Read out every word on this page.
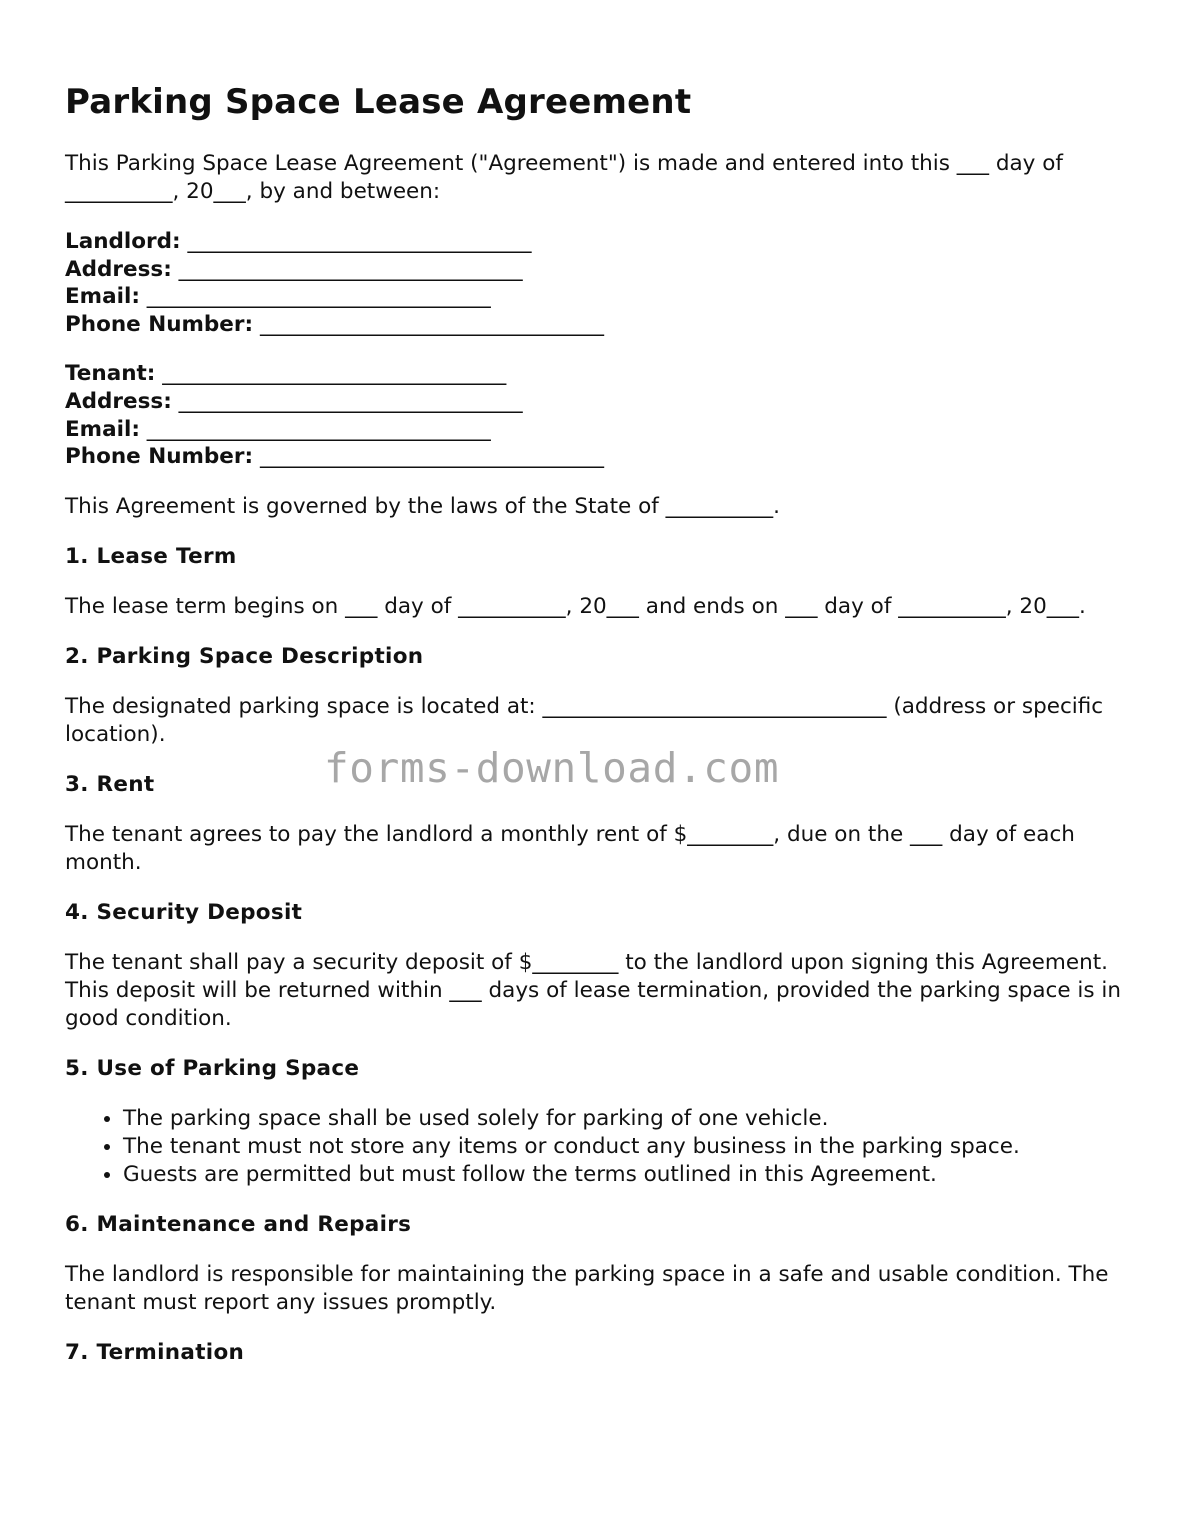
Parking Space Lease Agreement

This Parking Space Lease Agreement ("Agreement") is made and entered into this ___ day of __________, 20___, by and between:

Landlord: ________________________________
Address: ________________________________
Email: ________________________________
Phone Number: ________________________________
Tenant: ________________________________
Address: ________________________________
Email: ________________________________
Phone Number: ________________________________

This Agreement is governed by the laws of the State of __________.

1. Lease Term

The lease term begins on ___ day of __________, 20___ and ends on ___ day of __________, 20___.

2. Parking Space Description

The designated parking space is located at: ________________________________ (address or specific location).

3. Rent

The tenant agrees to pay the landlord a monthly rent of $________, due on the ___ day of each month.

4. Security Deposit

The tenant shall pay a security deposit of $________ to the landlord upon signing this Agreement. This deposit will be returned within ___ days of lease termination, provided the parking space is in good condition.

5. Use of Parking Space
• The parking space shall be used solely for parking of one vehicle.
• The tenant must not store any items or conduct any business in the parking space.
• Guests are permitted but must follow the terms outlined in this Agreement.
6. Maintenance and Repairs

The landlord is responsible for maintaining the parking space in a safe and usable condition. The tenant must report any issues promptly.

7. Termination
forms-download.com
